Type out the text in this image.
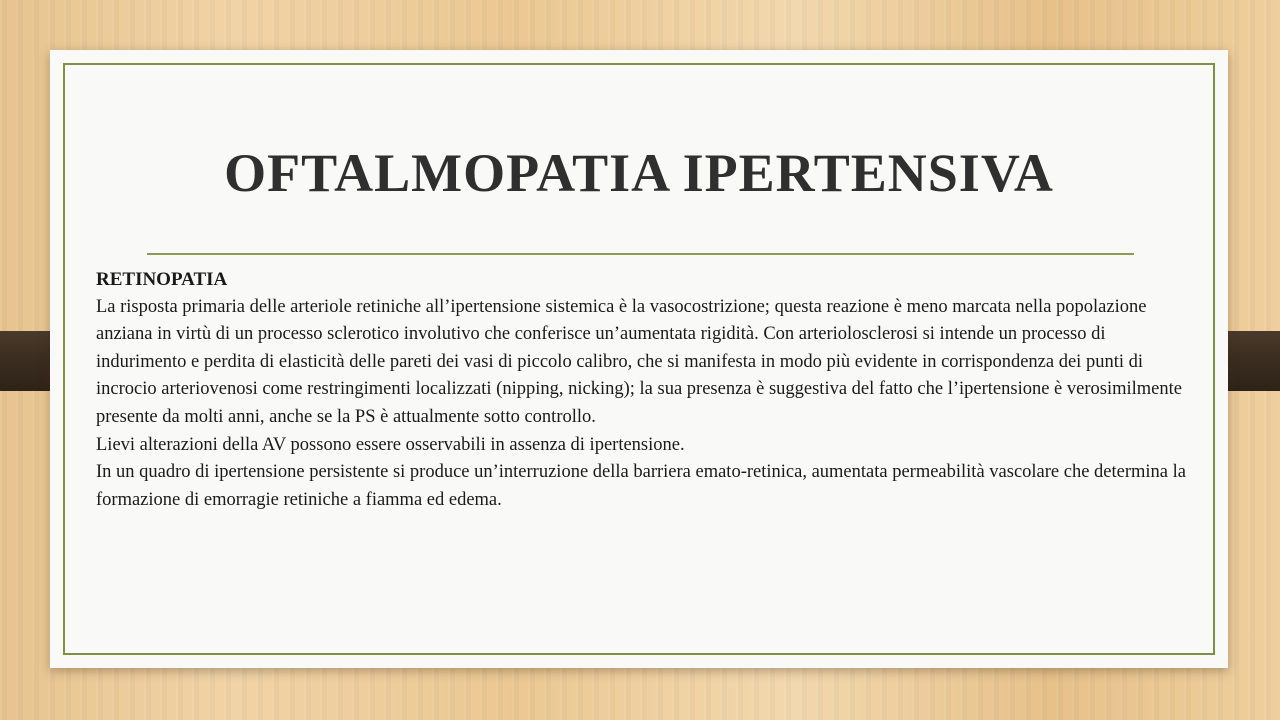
OFTALMOPATIA IPERTENSIVA

RETINOPATIA

La risposta primaria delle arteriole retiniche all’ipertensione sistemica è la vasocostrizione; questa reazione è meno marcata nella popolazione anziana in virtù di un processo sclerotico involutivo che conferisce un’aumentata rigidità. Con arteriolosclerosi si intende un processo di indurimento e perdita di elasticità delle pareti dei vasi di piccolo calibro, che si manifesta in modo più evidente in corrispondenza dei punti di incrocio arteriovenosi come restringimenti localizzati (nipping, nicking); la sua presenza è suggestiva del fatto che l’ipertensione è verosimilmente presente da molti anni, anche se la PS è attualmente sotto controllo.

Lievi alterazioni della AV possono essere osservabili in assenza di ipertensione.

In un quadro di ipertensione persistente si produce un’interruzione della barriera emato-retinica, aumentata permeabilità vascolare che determina la formazione di emorragie retiniche a fiamma ed edema.
